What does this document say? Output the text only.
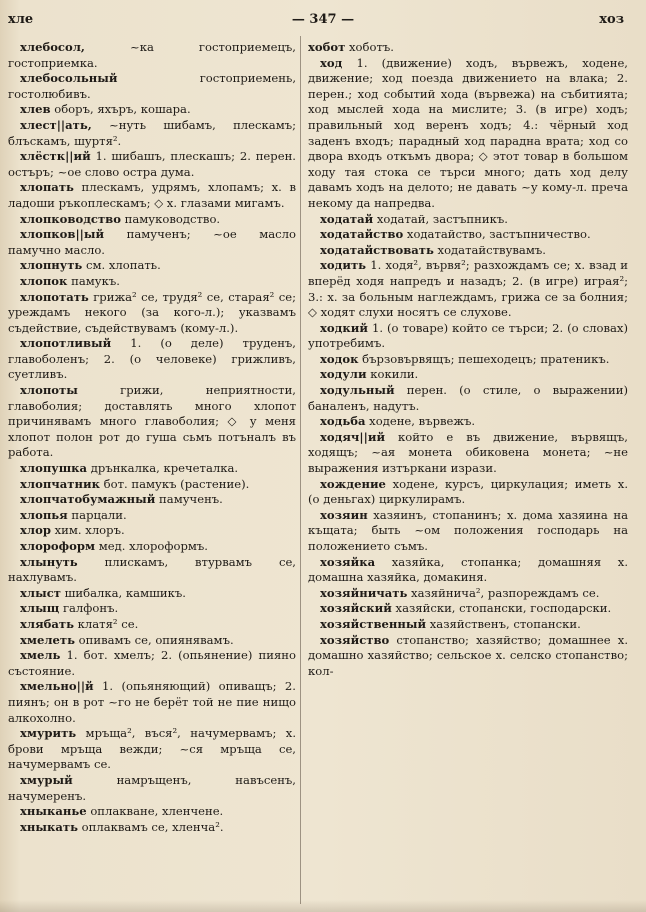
хле	— 347 —	хоз

хлебосол, ~ка гостоприемецъ, гостоприемка.

хлебосольный гостоприемень, гостолюбивъ.

хлев оборъ, яхъръ, кошара.

хлест||ать, ~нуть шибамъ, плескамъ; блъскамъ, шуртя².

хлёстк||ий 1. шибашъ, плескашъ; 2. перен. остъръ; ~ое слово остра дума.

хлопать плескамъ, удрямъ, хлопамъ; х. в ладоши ръкоплескамъ; ◇ х. глазами мигамъ.

хлопководство памуководство.

хлопков||ый памученъ; ~ое масло памучно масло.

хлопнуть см. хлопать.

хлопок памукъ.

хлопотать грижа² се, трудя² се, старая² се; урeждамъ нeкого (за кого-л.); указвамъ съдeйствие, съдeйствувамъ (кому-л.).

хлопотливый 1. (о деле) труденъ, главоболенъ; 2. (о человеке) грижливъ, суетливъ.

хлопоты грижи, неприятности, главоболия; доставлять много хлопот причинявамъ много главоболия; ◇ у меня хлопот полон рот до гуша сьмъ потъналъ въ работа.

хлопушка дрънкалка, кречеталка.

хлопчатник бот. памукъ (растение).

хлопчатобумажный памученъ.

хлопья парцали.

хлор хим. хлоръ.

хлороформ мед. хлороформъ.

хлынуть плискамъ, втурвамъ се, нахлувамъ.

хлыст шибалка, камшикъ.

хлыщ галфонъ.

хлябать клатя² се.

хмелеть опивамъ се, опиянявамъ.

хмель 1. бот. хмелъ; 2. (опьянение) пияно състояние.

хмельно||й 1. (опьяняющий) опиващъ; 2. пиянъ; он в рот ~го не берёт той не пие нищо алкохолно.

хмурить мръща², въся², начумервамъ; х. брови мръща вежди; ~ся мръща се, начумервамъ се.

хмурый намръщенъ, навъсенъ, начумеренъ.

хныканье оплакване, хленчене.

хныкать оплаквамъ се, хленча².

хобот хоботъ.

ход 1. (движение) ходъ, вървежъ, ходене, движение; ход поезда движението на влака; 2. перен.; ход событий хода (вървежа) на събитията; ход мыслей хода на мислитe; 3. (в игре) ходъ; правильный ход вeренъ ходъ; 4.: чёрный ход заденъ входъ; парадный ход парадна врата; ход со двора входъ откъмъ двора; ◇ этот товар в большом ходу тая стока се търси много; дать ход делу давамъ ходъ на дeлото; не давать ~у кому-л. прeча нeкому да напредва.

ходатай ходатай, застъпникъ.

ходатайство ходатайство, застъпничество.

ходатайствовать ходатайствувамъ.

ходить 1. ходя², вървя²; разхождамъ се; х. взад и вперёд ходя напредъ и назадъ; 2. (в игре) играя²; 3.: х. за больным наглеждамъ, грижа се за болния; ◇ ходят слухи носятъ се слухове.

ходкий 1. (о товаре) който се търси; 2. (о словах) употрeбимъ.

ходок бързовървящъ; пешеходецъ; пратеникъ.

ходули кокили.

ходульный перен. (о стиле, о выражении) баналенъ, надутъ.

ходьба ходене, вървежъ.

ходяч||ий който е въ движение, вървящъ, ходящъ; ~ая монета обиковена монета; ~не выражения изтъркани изрази.

хождение ходене, курсъ, циркулация; иметь х. (о деньгах) циркулирамъ.

хозяин хазяинъ, стопанинъ; х. дома хазяина на къщата; быть ~ом положения господарь на положението съмъ.

хозяйка хазяйка, стопанка; домашняя х. домашна хазяйка, домакиня.

хозяйничать хазяйнича², разпореждамъ се.

хозяйский хазяйски, стопански, господарски.

хозяйственный хазяйственъ, стопански.

хозяйство стопанство; хазяйство; домашнее х. домашно хазяйство; сельское х. селско стопанство; кол-
